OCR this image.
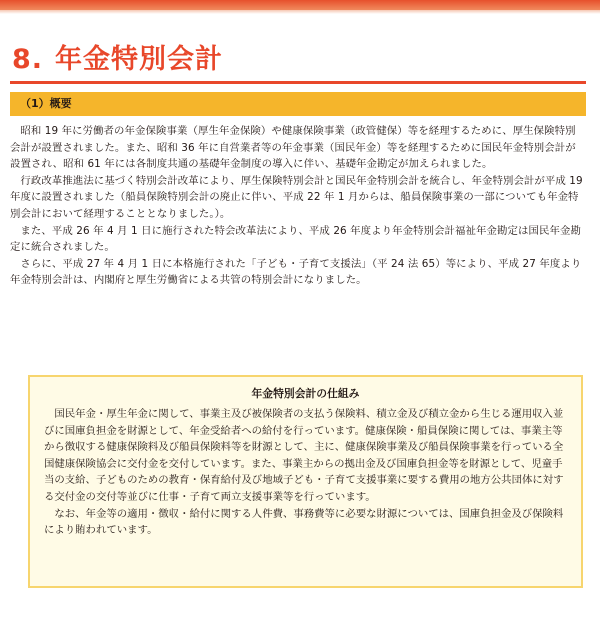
8. 年金特別会計
（1）概要

昭和 19 年に労働者の年金保険事業（厚生年金保険）や健康保険事業（政管健保）等を経理するために、厚生保険特別会計が設置されました。また、昭和 36 年に自営業者等の年金事業（国民年金）等を経理するために国民年金特別会計が設置され、昭和 61 年には各制度共通の基礎年金制度の導入に伴い、基礎年金勘定が加えられました。

行政改革推進法に基づく特別会計改革により、厚生保険特別会計と国民年金特別会計を統合し、年金特別会計が平成 19 年度に設置されました（船員保険特別会計の廃止に伴い、平成 22 年 1 月からは、船員保険事業の一部についても年金特別会計において経理することとなりました。）。

また、平成 26 年 4 月 1 日に施行された特会改革法により、平成 26 年度より年金特別会計福祉年金勘定は国民年金勘定に統合されました。

さらに、平成 27 年 4 月 1 日に本格施行された「子ども・子育て支援法」（平 24 法 65）等により、平成 27 年度より年金特別会計は、内閣府と厚生労働省による共管の特別会計になりました。

年金特別会計の仕組み

国民年金・厚生年金に関して、事業主及び被保険者の支払う保険料、積立金及び積立金から生じる運用収入並びに国庫負担金を財源として、年金受給者への給付を行っています。健康保険・船員保険に関しては、事業主等から徴収する健康保険料及び船員保険料等を財源として、主に、健康保険事業及び船員保険事業を行っている全国健康保険協会に交付金を交付しています。また、事業主からの拠出金及び国庫負担金等を財源として、児童手当の支給、子どものための教育・保育給付及び地域子ども・子育て支援事業に要する費用の地方公共団体に対する交付金の交付等並びに仕事・子育て両立支援事業等を行っています。

なお、年金等の適用・徴収・給付に関する人件費、事務費等に必要な財源については、国庫負担金及び保険料により賄われています。
